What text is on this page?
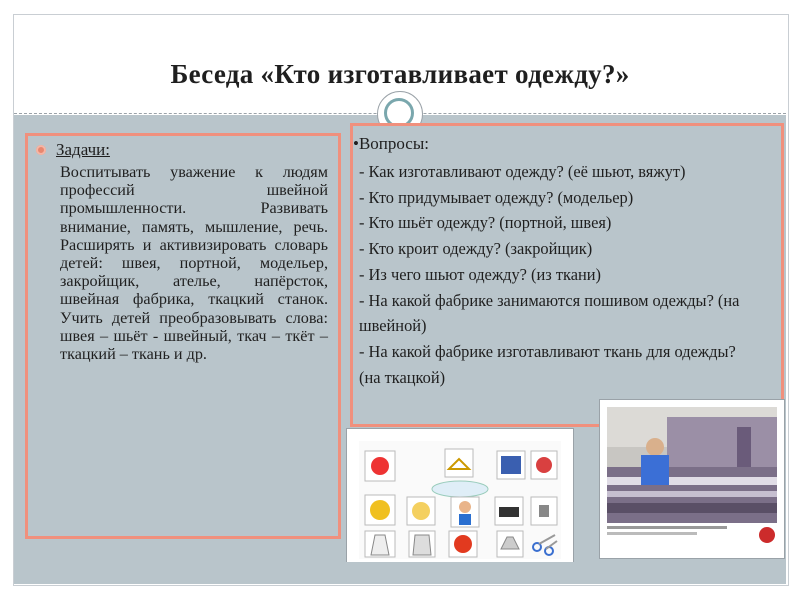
Беседа «Кто изготавливает одежду?»
Задачи:
Воспитывать уважение к людям профессий швейной промышленности. Развивать внимание, память, мышление, речь. Расширять и активизировать словарь детей: швея, портной, модельер, закройщик, ателье, напёрсток, швейная фабрика, ткацкий станок. Учить детей преобразовывать слова: швея – шьёт - швейный, ткач – ткёт – ткацкий – ткань и др.
•Вопросы:

- Как изготавливают одежду? (её шьют, вяжут)

- Кто придумывает одежду? (модельер)

- Кто шьёт одежду? (портной, швея)

- Кто кроит одежду? (закройщик)

- Из чего шьют одежду? (из ткани)

- На какой фабрике занимаются пошивом одежды? (на швейной)

- На какой фабрике изготавливают ткань для одежды? (на ткацкой)
